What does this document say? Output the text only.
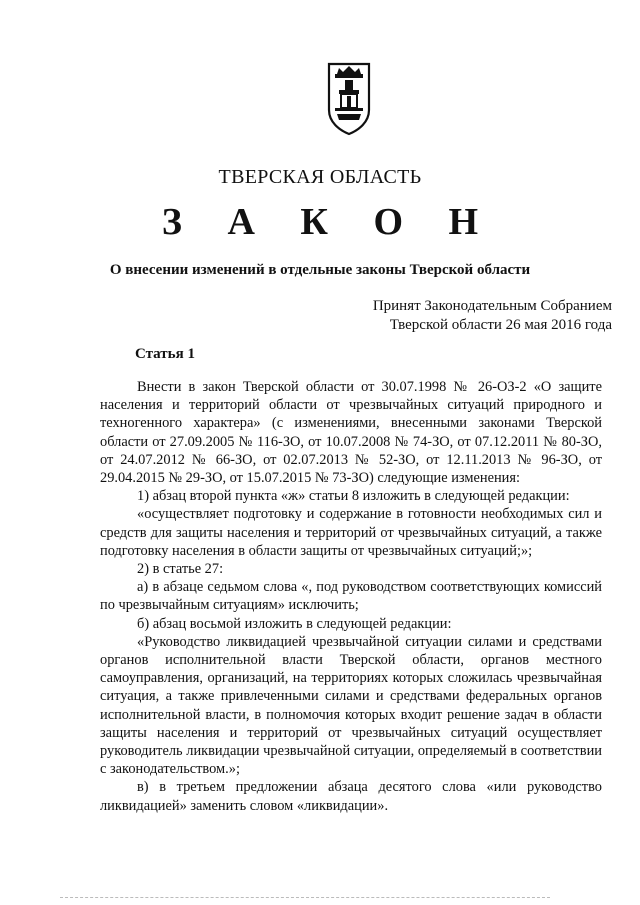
ТВЕРСКАЯ ОБЛАСТЬ
З А К О Н
О внесении изменений в отдельные законы Тверской области
Принят Законодательным Собранием
Тверской области 26 мая 2016 года
Статья 1

Внести в закон Тверской области от 30.07.1998 № 26-ОЗ-2 «О защите населения и территорий области от чрезвычайных ситуаций природного и техногенного характера» (с изменениями, внесенными законами Тверской области от 27.09.2005 № 116-ЗО, от 10.07.2008 № 74-ЗО, от 07.12.2011 № 80-ЗО, от 24.07.2012 № 66-ЗО, от 02.07.2013 № 52-ЗО, от 12.11.2013 № 96-ЗО, от 29.04.2015 № 29-ЗО, от 15.07.2015 № 73-ЗО) следующие изменения:

1) абзац второй пункта «ж» статьи 8 изложить в следующей редакции:

«осуществляет подготовку и содержание в готовности необходимых сил и средств для защиты населения и территорий от чрезвычайных ситуаций, а также подготовку населения в области защиты от чрезвычайных ситуаций;»;

2) в статье 27:

а) в абзаце седьмом слова «, под руководством соответствующих комиссий по чрезвычайным ситуациям» исключить;

б) абзац восьмой изложить в следующей редакции:

«Руководство ликвидацией чрезвычайной ситуации силами и средствами органов исполнительной власти Тверской области, органов местного самоуправления, организаций, на территориях которых сложилась чрезвычайная ситуация, а также привлеченными силами и средствами федеральных органов исполнительной власти, в полномочия которых входит решение задач в области защиты населения и территорий от чрезвычайных ситуаций осуществляет руководитель ликвидации чрезвычайной ситуации, определяемый в соответствии с законодательством.»;

в) в третьем предложении абзаца десятого слова «или руководство ликвидацией» заменить словом «ликвидации».
